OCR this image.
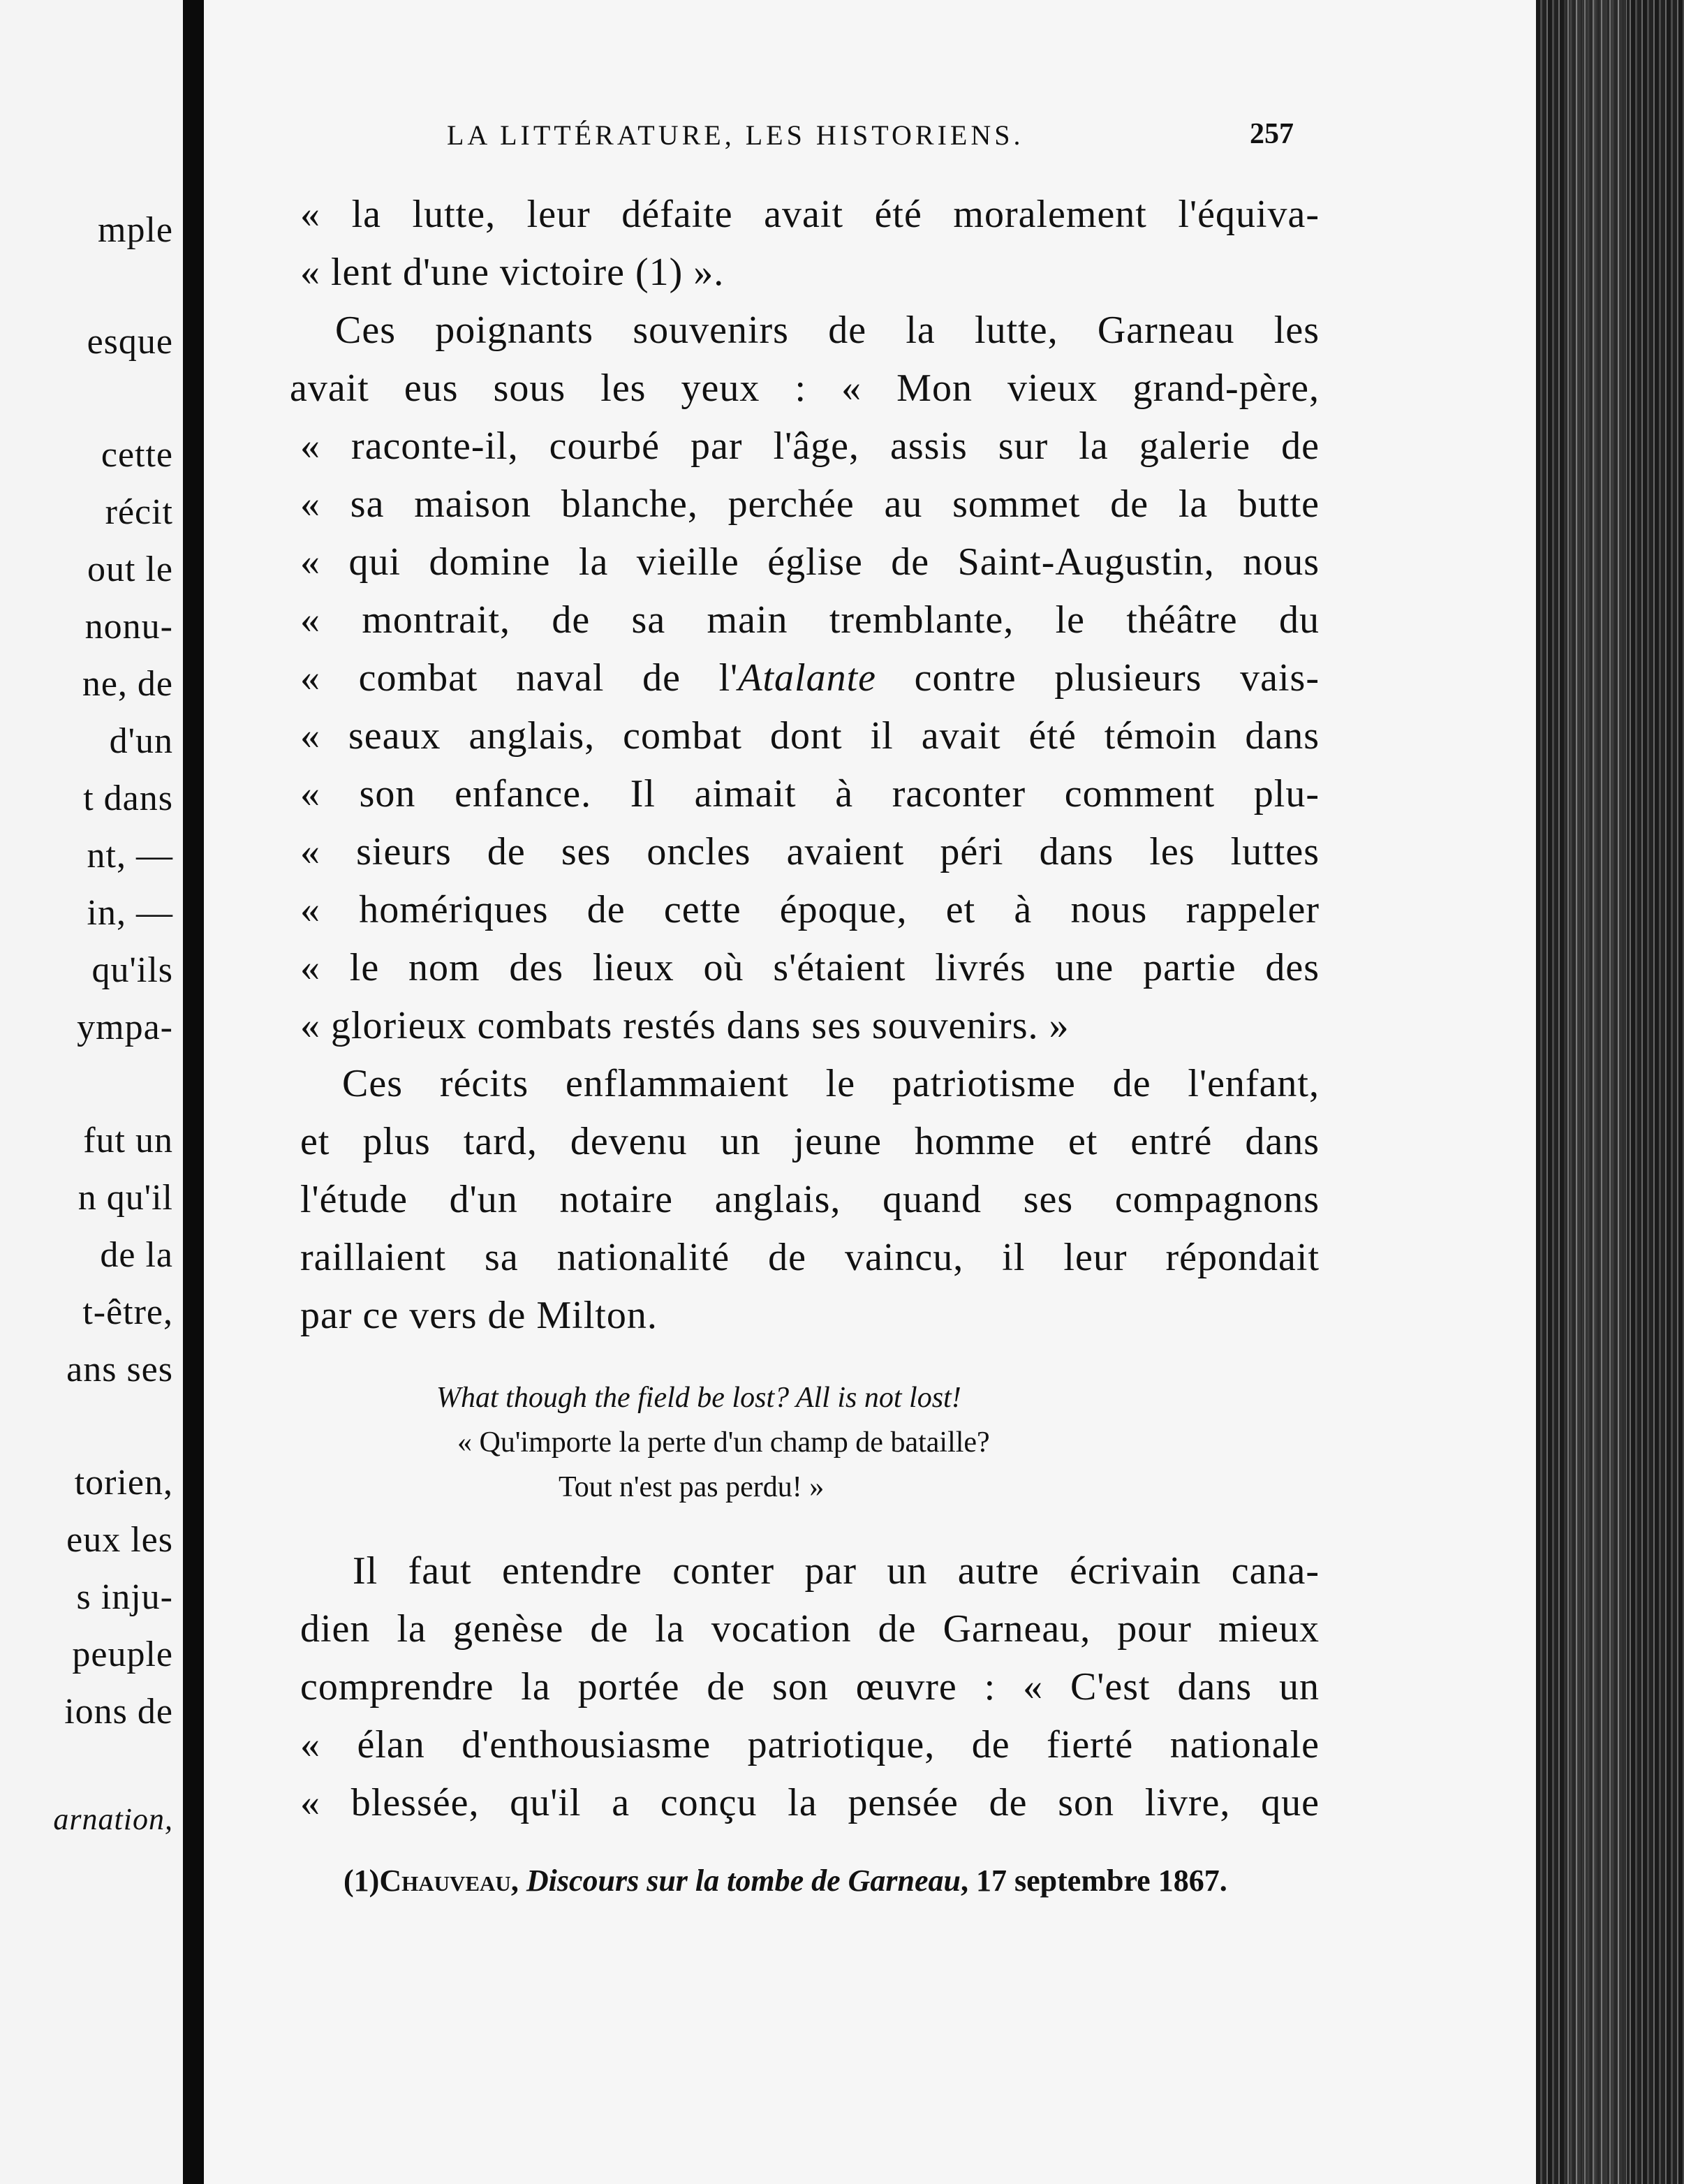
mple
esque
cette
récit
out le
nonu-
ne, de
d'un
t dans
nt, —
in, —
qu'ils
ympa-
fut un
n qu'il
de la
t-être,
ans ses
torien,
eux les
s inju-
peuple
ions de
arnation,
LA LITTÉRATURE, LES HISTORIENS.	257
« la lutte, leur défaite avait été moralement l'équiva-
« lent d'une victoire (1) ».
Ces poignants souvenirs de la lutte, Garneau les
avait eus sous les yeux : « Mon vieux grand-père,
« raconte-il, courbé par l'âge, assis sur la galerie de
« sa maison blanche, perchée au sommet de la butte
« qui domine la vieille église de Saint-Augustin, nous
« montrait, de sa main tremblante, le théâtre du
« combat naval de l'Atalante contre plusieurs vais-
« seaux anglais, combat dont il avait été témoin dans
« son enfance. Il aimait à raconter comment plu-
« sieurs de ses oncles avaient péri dans les luttes
« homériques de cette époque, et à nous rappeler
« le nom des lieux où s'étaient livrés une partie des
« glorieux combats restés dans ses souvenirs. »
Ces récits enflammaient le patriotisme de l'enfant,
et plus tard, devenu un jeune homme et entré dans
l'étude d'un notaire anglais, quand ses compagnons
raillaient sa nationalité de vaincu, il leur répondait
par ce vers de Milton.
What though the field be lost? All is not lost!
« Qu'importe la perte d'un champ de bataille?
Tout n'est pas perdu! »
Il faut entendre conter par un autre écrivain cana-
dien la genèse de la vocation de Garneau, pour mieux
comprendre la portée de son œuvre : « C'est dans un
« élan d'enthousiasme patriotique, de fierté nationale
« blessée, qu'il a conçu la pensée de son livre, que
(1)Chauveau, Discours sur la tombe de Garneau, 17 septembre 1867.
